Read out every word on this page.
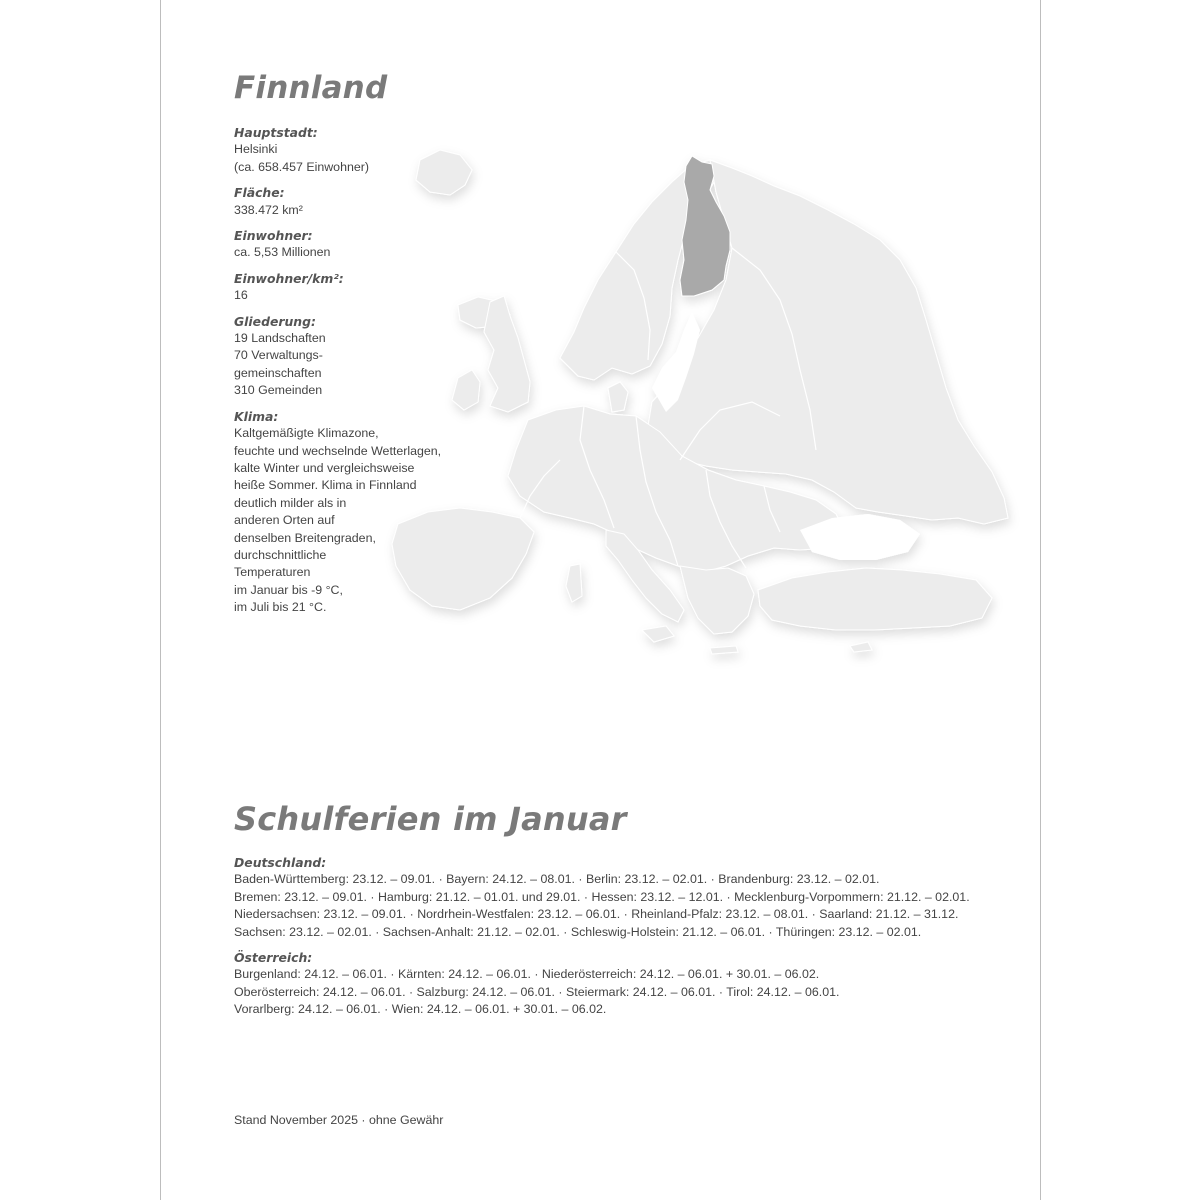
Finnland
Hauptstadt:
Helsinki
(ca. 658.457 Einwohner)
Fläche:
338.472 km²
Einwohner:
ca. 5,53 Millionen
Einwohner/km²:
16
Gliederung:
19 Landschaften
70 Verwaltungs-
gemeinschaften
310 Gemeinden
Klima:
Kaltgemäßigte Klimazone,
feuchte und wechselnde Wetterlagen,
kalte Winter und vergleichsweise
heiße Sommer. Klima in Finnland
deutlich milder als in
anderen Orten auf
denselben Breitengraden,
durchschnittliche
Temperaturen
im Januar bis -9 °C,
im Juli bis 21 °C.
Schulferien im Januar
Deutschland:
Baden-Württemberg: 23.12. – 09.01. · Bayern: 24.12. – 08.01. · Berlin: 23.12. – 02.01. · Brandenburg: 23.12. – 02.01.
Bremen: 23.12. – 09.01. · Hamburg: 21.12. – 01.01. und 29.01. · Hessen: 23.12. – 12.01. · Mecklenburg-Vorpommern: 21.12. – 02.01.
Niedersachsen: 23.12. – 09.01. · Nordrhein-Westfalen: 23.12. – 06.01. · Rheinland-Pfalz: 23.12. – 08.01. · Saarland: 21.12. – 31.12.
Sachsen: 23.12. – 02.01. · Sachsen-Anhalt: 21.12. – 02.01. · Schleswig-Holstein: 21.12. – 06.01. · Thüringen: 23.12. – 02.01.
Österreich:
Burgenland: 24.12. – 06.01. · Kärnten: 24.12. – 06.01. · Niederösterreich: 24.12. – 06.01. + 30.01. – 06.02.
Oberösterreich: 24.12. – 06.01. · Salzburg: 24.12. – 06.01. · Steiermark: 24.12. – 06.01. · Tirol: 24.12. – 06.01.
Vorarlberg: 24.12. – 06.01. · Wien: 24.12. – 06.01. + 30.01. – 06.02.
Stand November 2025 · ohne Gewähr
